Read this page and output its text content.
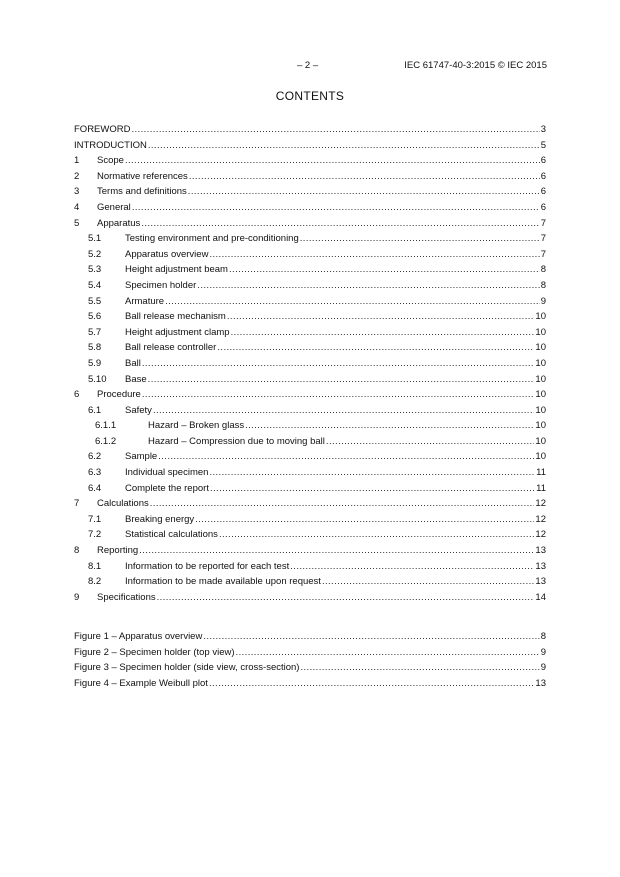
– 2 –	IEC 61747-40-3:2015 © IEC 2015
CONTENTS
FOREWORD .....	3
INTRODUCTION .....	5
1	Scope .....	6
2	Normative references .....	6
3	Terms and definitions .....	6
4	General .....	6
5	Apparatus .....	7
5.1	Testing environment and pre-conditioning .....	7
5.2	Apparatus overview .....	7
5.3	Height adjustment beam .....	8
5.4	Specimen holder .....	8
5.5	Armature .....	9
5.6	Ball release mechanism .....	10
5.7	Height adjustment clamp .....	10
5.8	Ball release controller .....	10
5.9	Ball .....	10
5.10	Base .....	10
6	Procedure .....	10
6.1	Safety .....	10
6.1.1	Hazard – Broken glass .....	10
6.1.2	Hazard – Compression due to moving ball .....	10
6.2	Sample .....	10
6.3	Individual specimen .....	11
6.4	Complete the report .....	11
7	Calculations .....	12
7.1	Breaking energy .....	12
7.2	Statistical calculations .....	12
8	Reporting .....	13
8.1	Information to be reported for each test .....	13
8.2	Information to be made available upon request .....	13
9	Specifications .....	14
Figure 1 – Apparatus overview .....	8
Figure 2 – Specimen holder (top view) .....	9
Figure 3 – Specimen holder (side view, cross-section) .....	9
Figure 4 – Example Weibull plot .....	13
